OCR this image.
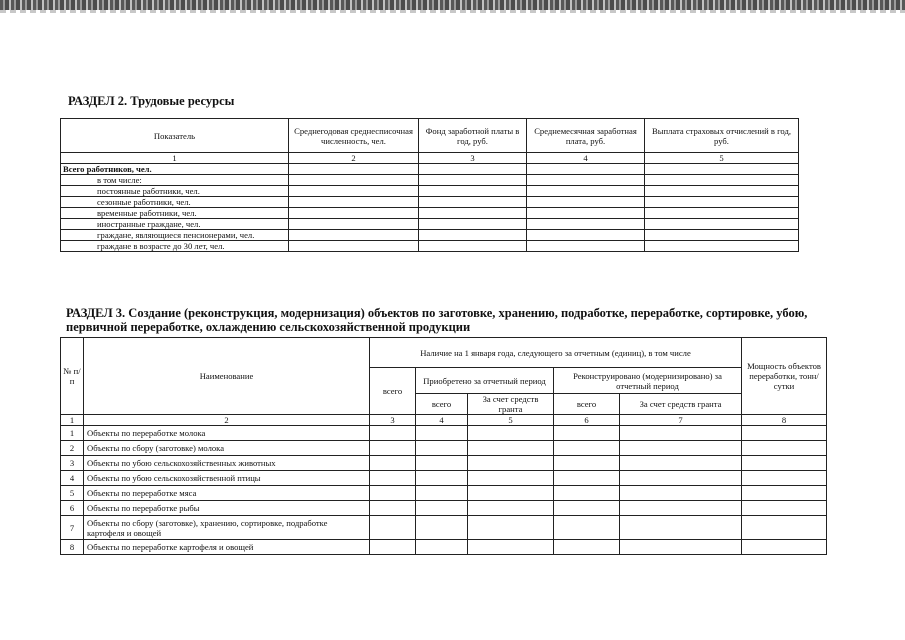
РАЗДЕЛ 2. Трудовые ресурсы
Показатель	Среднегодовая среднесписочная численность, чел.	Фонд заработной платы в год, руб.	Среднемесячная заработная плата, руб.	Выплата страховых отчислений в год, руб.
1	2	3	4	5
Всего работников, чел.				
в том числе:				
постоянные работники, чел.				
сезонные работники, чел.				
временные работники, чел.				
иностранные граждане, чел.				
граждане, являющиеся пенсионерами, чел.				
граждане в возрасте до 30 лет, чел.				
РАЗДЕЛ 3. Создание (реконструкция, модернизация) объектов по заготовке, хранению, подработке, переработке, сортировке, убою, первичной переработке, охлаждению сельскохозяйственной продукции
№ п/п	Наименование	Наличие на 1 января года, следующего за отчетным (единиц), в том числе					Мощность объектов переработки, тонн/сутки
		всего	Приобретено за отчетный период		Реконструировано (модернизировано) за отчетный период		
			всего	За счет средств гранта	всего	За счет средств гранта	
1	2	3	4	5	6	7	8
1	Объекты по переработке молока						
2	Объекты по сбору (заготовке) молока						
3	Объекты по убою сельскохозяйственных животных						
4	Объекты по убою сельскохозяйственной птицы						
5	Объекты по переработке мяса						
6	Объекты по переработке рыбы						
7	Объекты по сбору (заготовке), хранению, сортировке, подработке картофеля и овощей						
8	Объекты по переработке картофеля и овощей						
